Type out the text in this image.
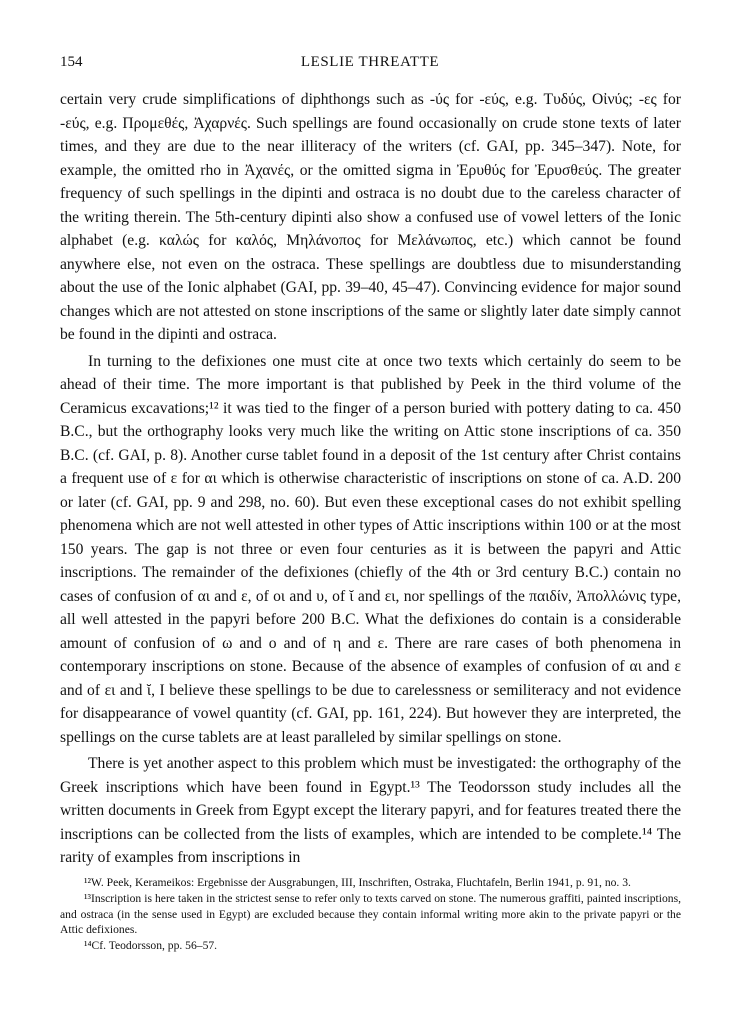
154	LESLIE THREATTE

certain very crude simplifications of diphthongs such as -ύς for -εύς, e.g. Τυδύς, Οἰνύς; -ες for -εύς, e.g. Προμεθές, Ἀχαρνές. Such spellings are found occasionally on crude stone texts of later times, and they are due to the near illiteracy of the writers (cf. GAI, pp. 345–347). Note, for example, the omitted rho in Ἀχανές, or the omitted sigma in Ἐρυθύς for Ἐρυσθεύς. The greater frequency of such spellings in the dipinti and ostraca is no doubt due to the careless character of the writing therein. The 5th-century dipinti also show a confused use of vowel letters of the Ionic alphabet (e.g. καλώς for καλός, Μηλάνοπος for Μελάνωπος, etc.) which cannot be found anywhere else, not even on the ostraca. These spellings are doubtless due to misunderstanding about the use of the Ionic alphabet (GAI, pp. 39–40, 45–47). Convincing evidence for major sound changes which are not attested on stone inscriptions of the same or slightly later date simply cannot be found in the dipinti and ostraca.

In turning to the defixiones one must cite at once two texts which certainly do seem to be ahead of their time. The more important is that published by Peek in the third volume of the Ceramicus excavations;¹² it was tied to the finger of a person buried with pottery dating to ca. 450 B.C., but the orthography looks very much like the writing on Attic stone inscriptions of ca. 350 B.C. (cf. GAI, p. 8). Another curse tablet found in a deposit of the 1st century after Christ contains a frequent use of ε for αι which is otherwise characteristic of inscriptions on stone of ca. A.D. 200 or later (cf. GAI, pp. 9 and 298, no. 60). But even these exceptional cases do not exhibit spelling phenomena which are not well attested in other types of Attic inscriptions within 100 or at the most 150 years. The gap is not three or even four centuries as it is between the papyri and Attic inscriptions. The remainder of the defixiones (chiefly of the 4th or 3rd century B.C.) contain no cases of confusion of αι and ε, of οι and υ, of ῐ and ει, nor spellings of the παιδίν, Ἀπολλώνις type, all well attested in the papyri before 200 B.C. What the defixiones do contain is a considerable amount of confusion of ω and ο and of η and ε. There are rare cases of both phenomena in contemporary inscriptions on stone. Because of the absence of examples of confusion of αι and ε and of ει and ῐ, I believe these spellings to be due to carelessness or semiliteracy and not evidence for disappearance of vowel quantity (cf. GAI, pp. 161, 224). But however they are interpreted, the spellings on the curse tablets are at least paralleled by similar spellings on stone.

There is yet another aspect to this problem which must be investigated: the orthography of the Greek inscriptions which have been found in Egypt.¹³ The Teodorsson study includes all the written documents in Greek from Egypt except the literary papyri, and for features treated there the inscriptions can be collected from the lists of examples, which are intended to be complete.¹⁴ The rarity of examples from inscriptions in

¹²W. Peek, Kerameikos: Ergebnisse der Ausgrabungen, III, Inschriften, Ostraka, Fluchtafeln, Berlin 1941, p. 91, no. 3.

¹³Inscription is here taken in the strictest sense to refer only to texts carved on stone. The numerous graffiti, painted inscriptions, and ostraca (in the sense used in Egypt) are excluded because they contain informal writing more akin to the private papyri or the Attic defixiones.

¹⁴Cf. Teodorsson, pp. 56–57.
